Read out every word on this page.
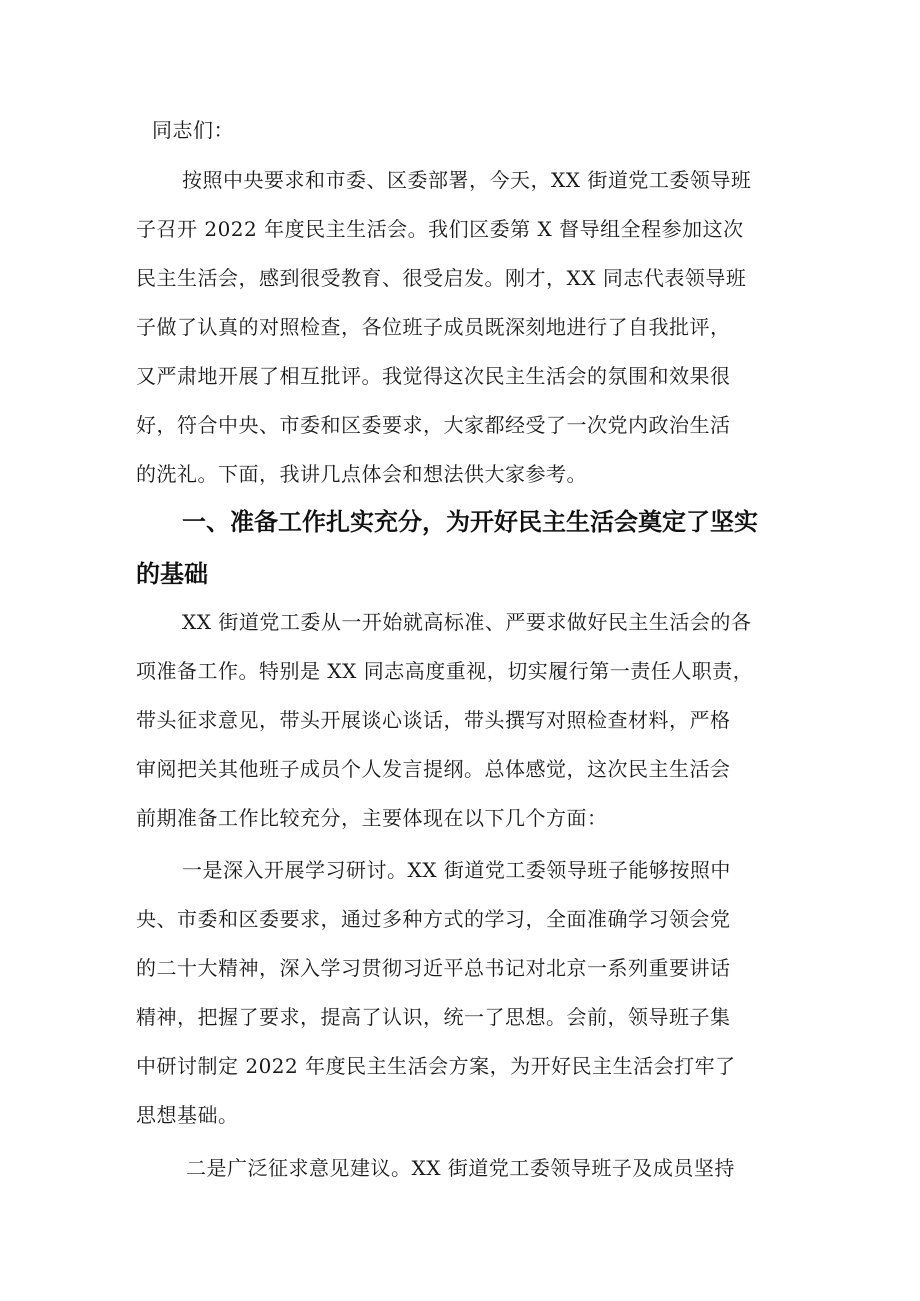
同志们：
按照中央要求和市委、区委部署，今天，XX 街道党工委领导班
子召开 2022 年度民主生活会。我们区委第 X 督导组全程参加这次
民主生活会，感到很受教育、很受启发。刚才，XX 同志代表领导班
子做了认真的对照检查，各位班子成员既深刻地进行了自我批评，
又严肃地开展了相互批评。我觉得这次民主生活会的氛围和效果很
好，符合中央、市委和区委要求，大家都经受了一次党内政治生活
的洗礼。下面，我讲几点体会和想法供大家参考。
一、准备工作扎实充分，为开好民主生活会奠定了坚实
的基础
XX 街道党工委从一开始就高标准、严要求做好民主生活会的各
项准备工作。特别是 XX 同志高度重视，切实履行第一责任人职责，
带头征求意见，带头开展谈心谈话，带头撰写对照检查材料，严格
审阅把关其他班子成员个人发言提纲。总体感觉，这次民主生活会
前期准备工作比较充分，主要体现在以下几个方面：
一是深入开展学习研讨。XX 街道党工委领导班子能够按照中
央、市委和区委要求，通过多种方式的学习，全面准确学习领会党
的二十大精神，深入学习贯彻习近平总书记对北京一系列重要讲话
精神，把握了要求，提高了认识，统一了思想。会前，领导班子集
中研讨制定 2022 年度民主生活会方案，为开好民主生活会打牢了
思想基础。
二是广泛征求意见建议。XX 街道党工委领导班子及成员坚持
